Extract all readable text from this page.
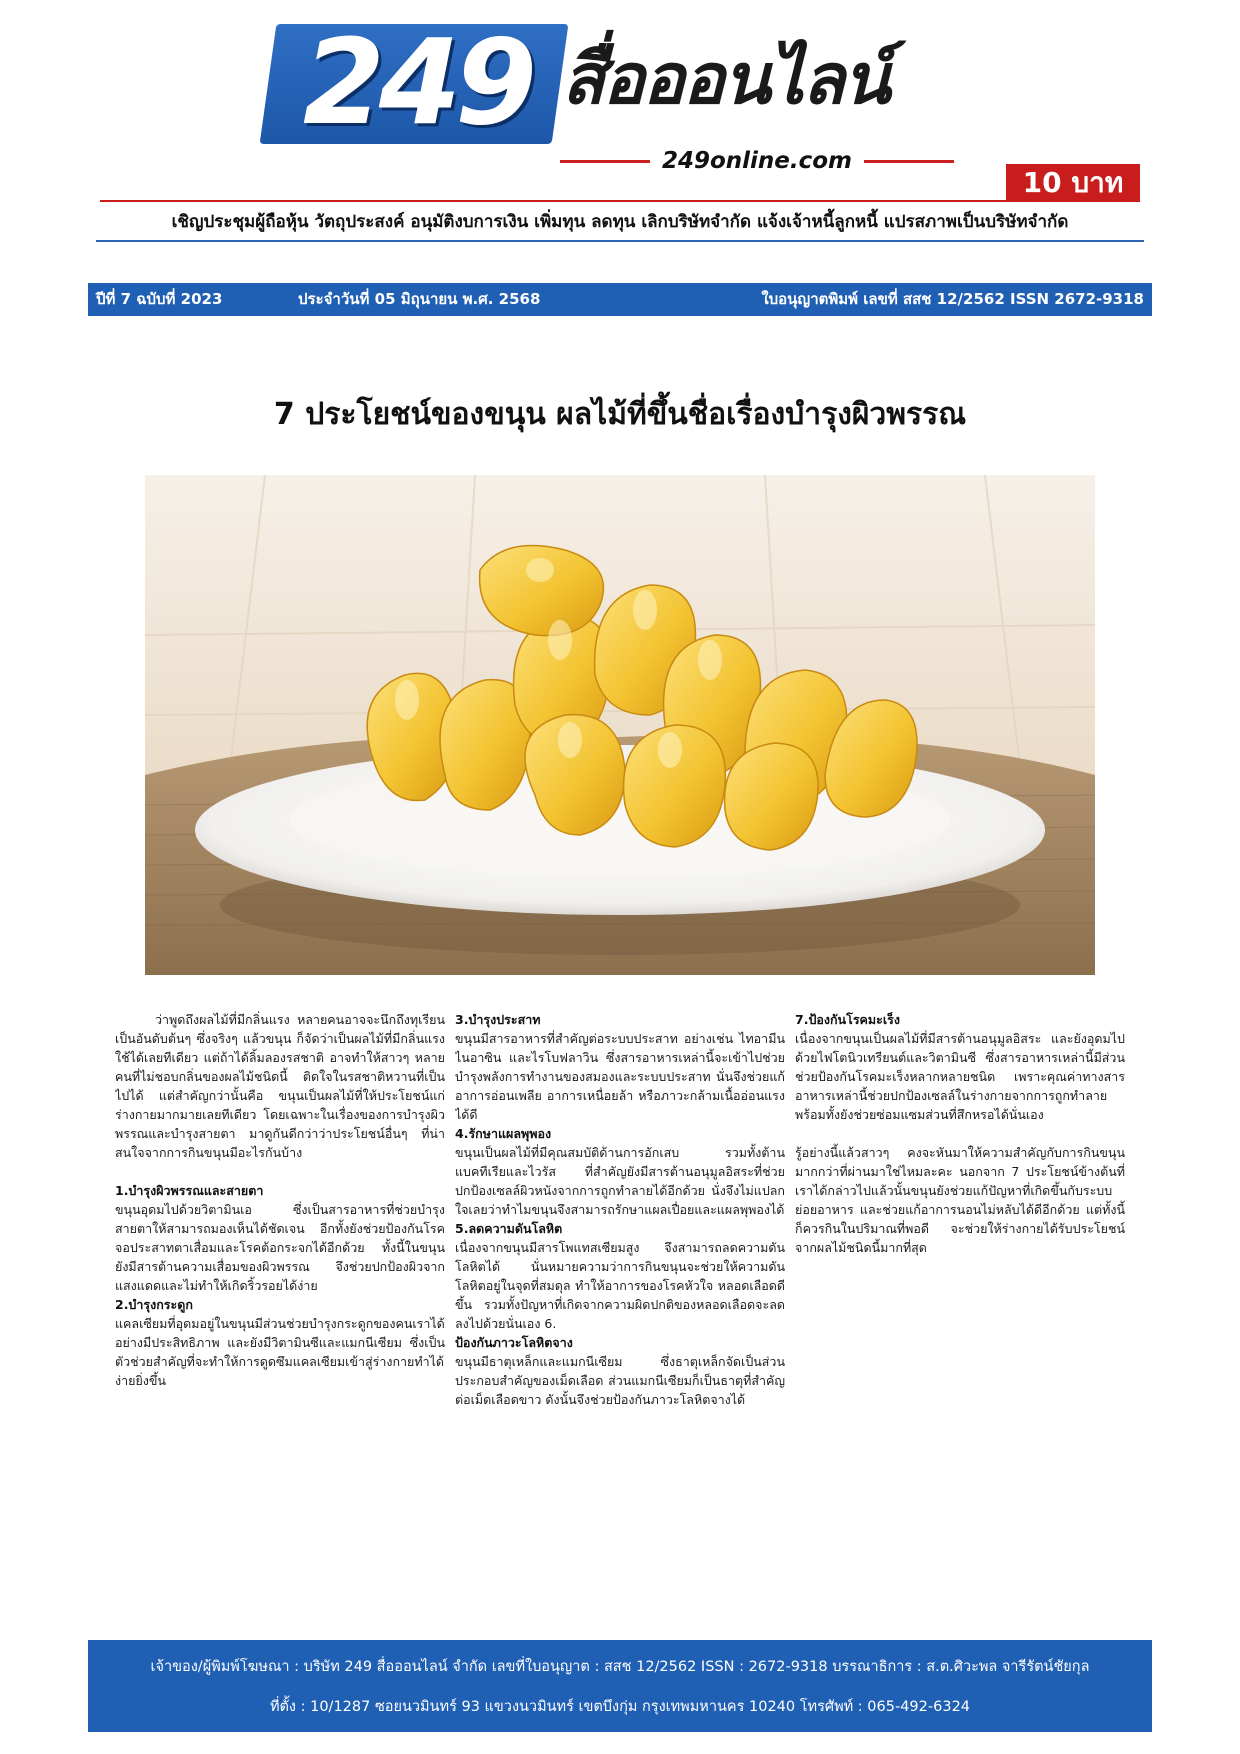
249 สื่อออนไลน์
249online.com
10 บาท
เชิญประชุมผู้ถือหุ้น วัตถุประสงค์ อนุมัติงบการเงิน เพิ่มทุน ลดทุน เลิกบริษัทจำกัด แจ้งเจ้าหนี้ลูกหนี้ แปรสภาพเป็นบริษัทจำกัด
ปีที่ 7 ฉบับที่ 2023	ประจำวันที่ 05 มิถุนายน พ.ศ. 2568	ใบอนุญาตพิมพ์ เลขที่ สสช 12/2562 ISSN 2672-9318
7 ประโยชน์ของขนุน ผลไม้ที่ขึ้นชื่อเรื่องบำรุงผิวพรรณ

ว่าพูดถึงผลไม้ที่มีกลิ่นแรง หลายคนอาจจะนึกถึงทุเรียนเป็นอันดับต้นๆ ซึ่งจริงๆ แล้วขนุน ก็จัดว่าเป็นผลไม้ที่มีกลิ่นแรงใช้ได้เลยทีเดียว แต่ถ้าได้ลิ้มลองรสชาติ อาจทำให้สาวๆ หลายคนที่ไม่ชอบกลิ่นของผลไม้ชนิดนี้ ติดใจในรสชาติหวานที่เป็นไปได้ แต่สำคัญกว่านั้นคือ ขนุนเป็นผลไม้ที่ให้ประโยชน์แก่ร่างกายมากมายเลยทีเดียว โดยเฉพาะในเรื่องของการบำรุงผิวพรรณและบำรุงสายตา มาดูกันดีกว่าว่าประโยชน์อื่นๆ ที่น่าสนใจจากการกินขนุนมีอะไรกันบ้าง

1.บำรุงผิวพรรณและสายตา

ขนุนอุดมไปด้วยวิตามินเอ ซึ่งเป็นสารอาหารที่ช่วยบำรุงสายตาให้สามารถมองเห็นได้ชัดเจน อีกทั้งยังช่วยป้องกันโรคจอประสาทตาเสื่อมและโรคต้อกระจกได้อีกด้วย ทั้งนี้ในขนุนยังมีสารต้านความเสื่อมของผิวพรรณ จึงช่วยปกป้องผิวจากแสงแดดและไม่ทำให้เกิดริ้วรอยได้ง่าย

2.บำรุงกระดูก

แคลเซียมที่อุดมอยู่ในขนุนมีส่วนช่วยบำรุงกระดูกของคนเราได้อย่างมีประสิทธิภาพ และยังมีวิตามินซีและแมกนีเซียม ซึ่งเป็นตัวช่วยสำคัญที่จะทำให้การดูดซึมแคลเซียมเข้าสู่ร่างกายทำได้ง่ายยิ่งขึ้น

3.บำรุงประสาท

ขนุนมีสารอาหารที่สำคัญต่อระบบประสาท อย่างเช่น ไทอามีน ไนอาซิน และไรโบฟลาวิน ซึ่งสารอาหารเหล่านี้จะเข้าไปช่วยบำรุงพลังการทำงานของสมองและระบบประสาท นั่นจึงช่วยแก้อาการอ่อนเพลีย อาการเหนื่อยล้า หรือภาวะกล้ามเนื้ออ่อนแรงได้ดี

4.รักษาแผลพุพอง

ขนุนเป็นผลไม้ที่มีคุณสมบัติด้านการอักเสบ รวมทั้งต้านแบคทีเรียและไวรัส ที่สำคัญยังมีสารต้านอนุมูลอิสระที่ช่วยปกป้องเซลล์ผิวหนังจากการถูกทำลายได้อีกด้วย นั่งจึงไม่แปลกใจเลยว่าทำไมขนุนจึงสามารถรักษาแผลเปื่อยและแผลพุพองได้

5.ลดความดันโลหิต

เนื่องจากขนุนมีสารโพแทสเซียมสูง จึงสามารถลดความดันโลหิตได้ นั่นหมายความว่าการกินขนุนจะช่วยให้ความดันโลหิตอยู่ในจุดที่สมดุล ทำให้อาการของโรคหัวใจ หลอดเลือดดีขึ้น รวมทั้งปัญหาที่เกิดจากความผิดปกติของหลอดเลือดจะลดลงไปด้วยนั่นเอง 6.

ป้องกันภาวะโลหิตจาง

ขนุนมีธาตุเหล็กและแมกนีเซียม ซึ่งธาตุเหล็กจัดเป็นส่วนประกอบสำคัญของเม็ดเลือด ส่วนแมกนีเซียมก็เป็นธาตุที่สำคัญต่อเม็ดเลือดขาว ดังนั้นจึงช่วยป้องกันภาวะโลหิตจางได้

7.ป้องกันโรคมะเร็ง

เนื่องจากขนุนเป็นผลไม้ที่มีสารต้านอนุมูลอิสระ และยังอุดมไปด้วยไฟโตนิวเทรียนต์และวิตามินซี ซึ่งสารอาหารเหล่านี้มีส่วนช่วยป้องกันโรคมะเร็งหลากหลายชนิด เพราะคุณค่าทางสารอาหารเหล่านี้ช่วยปกป้องเซลล์ในร่างกายจากการถูกทำลาย พร้อมทั้งยังช่วยซ่อมแซมส่วนที่สึกหรอได้นั่นเอง

รู้อย่างนี้แล้วสาวๆ คงจะหันมาให้ความสำคัญกับการกินขนุนมากกว่าที่ผ่านมาใช่ไหมละคะ นอกจาก 7 ประโยชน์ข้างต้นที่เราได้กล่าวไปแล้วนั้นขนุนยังช่วยแก้ปัญหาที่เกิดขึ้นกับระบบย่อยอาหาร และช่วยแก้อาการนอนไม่หลับได้ดีอีกด้วย แต่ทั้งนี้ก็ควรกินในปริมาณที่พอดี จะช่วยให้ร่างกายได้รับประโยชน์จากผลไม้ชนิดนี้มากที่สุด

เจ้าของ/ผู้พิมพ์โฆษณา : บริษัท 249 สื่อออนไลน์ จำกัด เลขที่ใบอนุญาต : สสช 12/2562 ISSN : 2672-9318 บรรณาธิการ : ส.ต.ศิวะพล จารีรัตน์ชัยกุล
ที่ตั้ง : 10/1287 ซอยนวมินทร์ 93 แขวงนวมินทร์ เขตบึงกุ่ม กรุงเทพมหานคร 10240 โทรศัพท์ : 065-492-6324
